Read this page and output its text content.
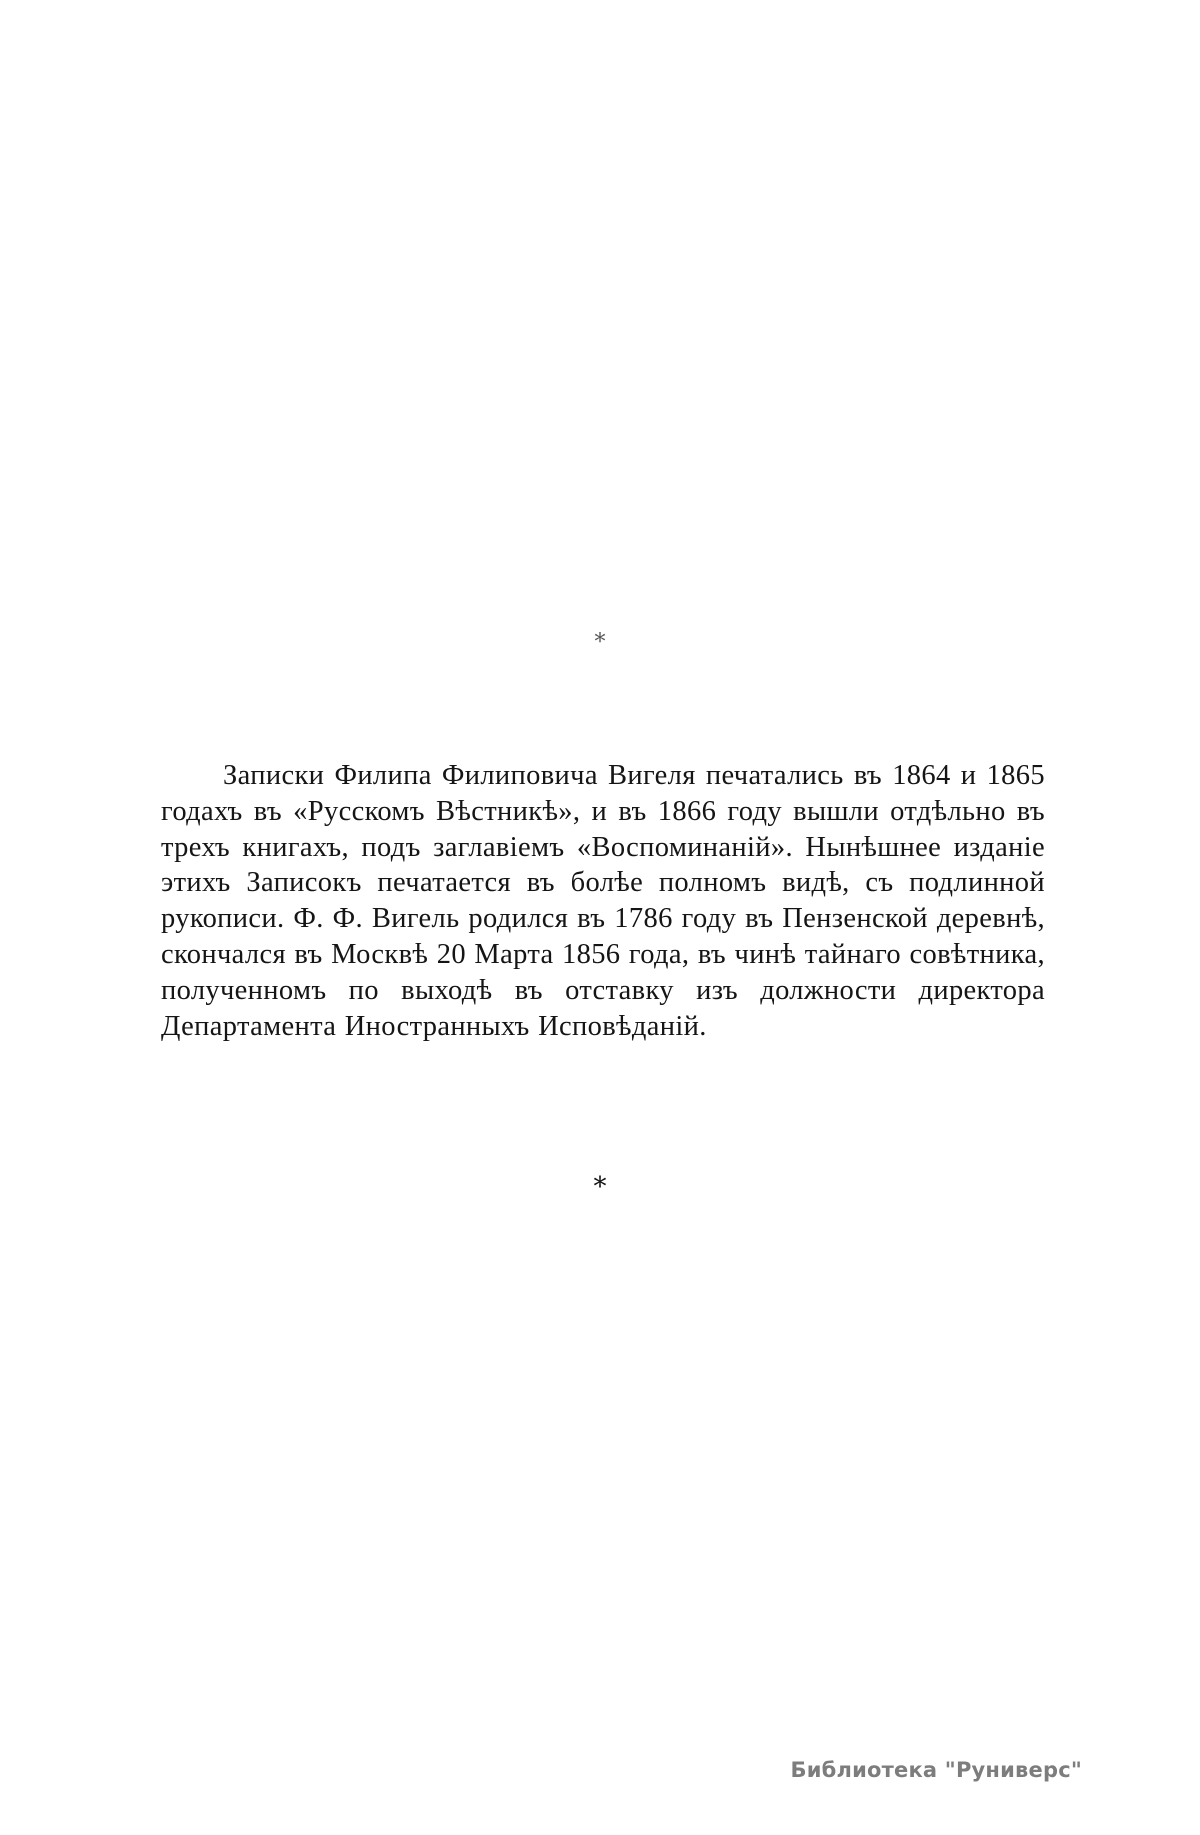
*

Записки Филипа Филиповича Вигеля печатались въ 1864 и 1865 годахъ въ «Русскомъ Вѣстникѣ», и въ 1866 году вышли отдѣльно въ трехъ книгахъ, подъ заглавіемъ «Воспоминаній». Нынѣшнее изданіе этихъ Записокъ печатается въ болѣе полномъ видѣ, съ подлинной рукописи. Ф. Ф. Вигель родился въ 1786 году въ Пензенской деревнѣ, скончался въ Москвѣ 20 Марта 1856 года, въ чинѣ тайнаго совѣтника, полученномъ по выходѣ въ отставку изъ должности директора Департамента Иностранныхъ Исповѣданій.

*
Библиотека "Руниверс"
